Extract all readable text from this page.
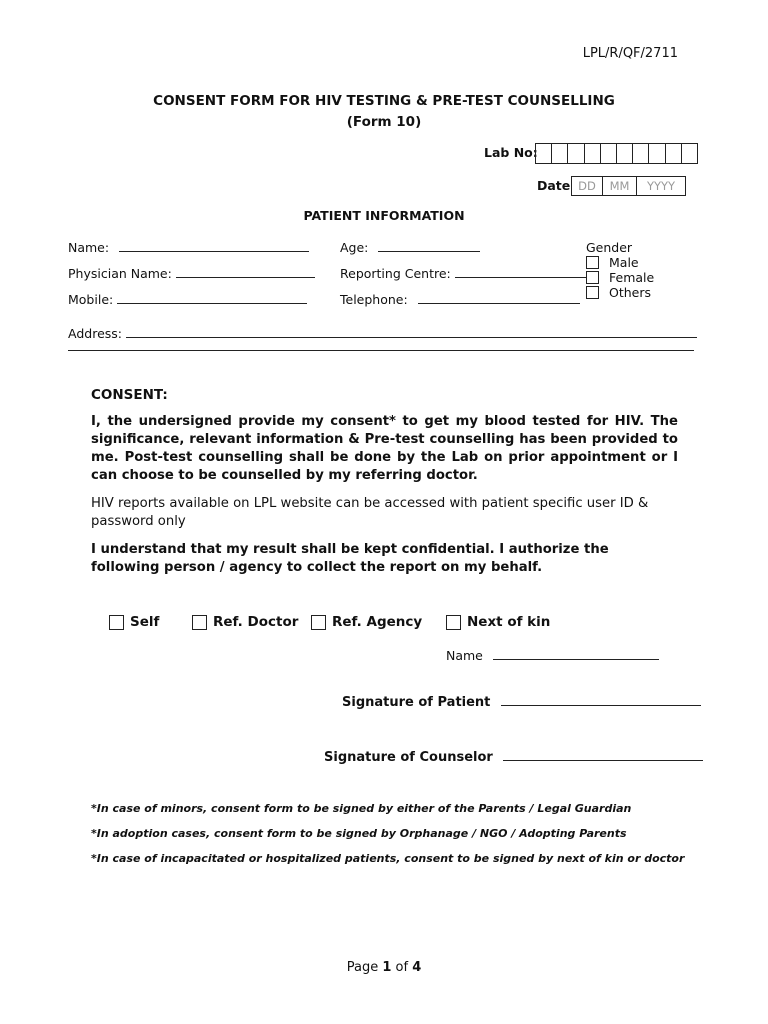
LPL/R/QF/2711
CONSENT FORM FOR HIV TESTING & PRE-TEST COUNSELLING
(Form 10)
Lab No:
Date DD	MM	YYYY
PATIENT INFORMATION
Name:
Physician Name:
Mobile:
Age:
Reporting Centre:
Telephone:
Gender
Male
Female
Others
Address:
CONSENT:
I, the undersigned provide my consent* to get my blood tested for HIV. The significance, relevant information & Pre-test counselling has been provided to me. Post-test counselling shall be done by the Lab on prior appointment or I can choose to be counselled by my referring doctor.
HIV reports available on LPL website can be accessed with patient specific user ID & password only
I understand that my result shall be kept confidential. I authorize the following person / agency to collect the report on my behalf.
Self	Ref. Doctor Ref. Agency	Next of kin
Name
Signature of Patient
Signature of Counselor
*In case of minors, consent form to be signed by either of the Parents / Legal Guardian
*In adoption cases, consent form to be signed by Orphanage / NGO / Adopting Parents
*In case of incapacitated or hospitalized patients, consent to be signed by next of kin or doctor
Page 1 of 4
